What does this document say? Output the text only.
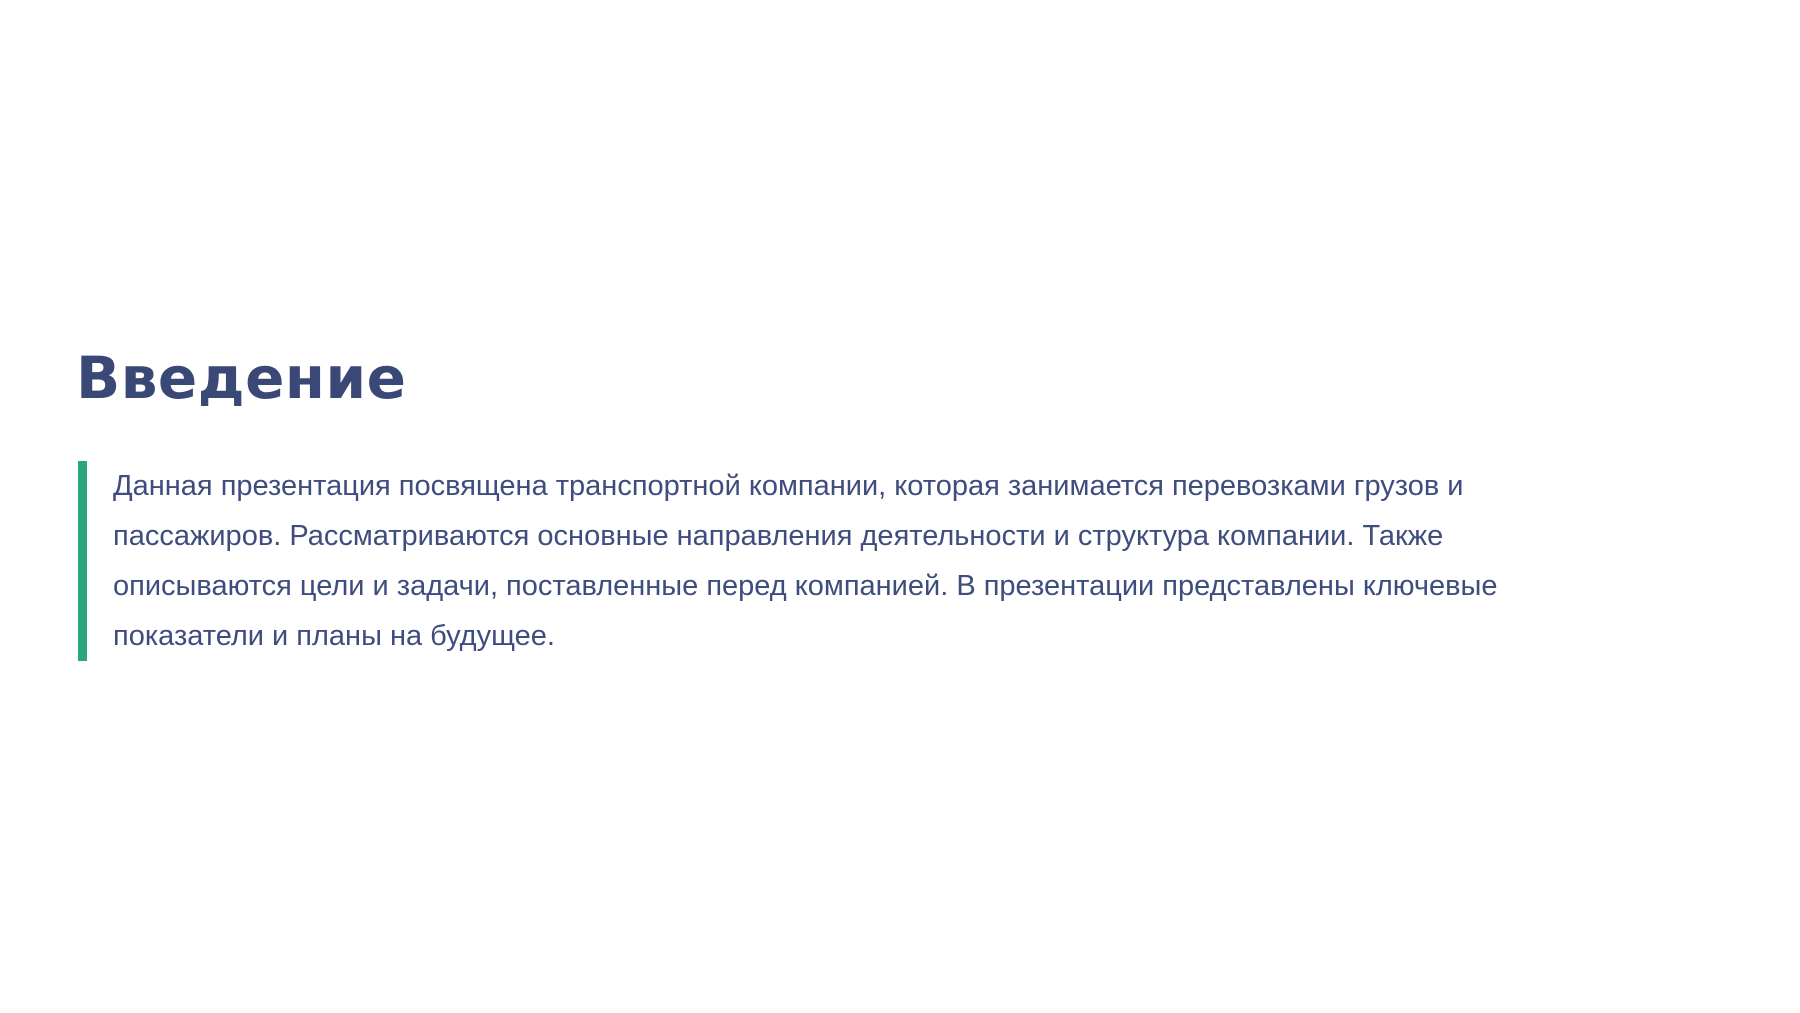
Введение

Данная презентация посвящена транспортной компании, которая занимается перевозками грузов и пассажиров. Рассматриваются основные направления деятельности и структура компании. Также описываются цели и задачи, поставленные перед компанией. В презентации представлены ключевые показатели и планы на будущее.
